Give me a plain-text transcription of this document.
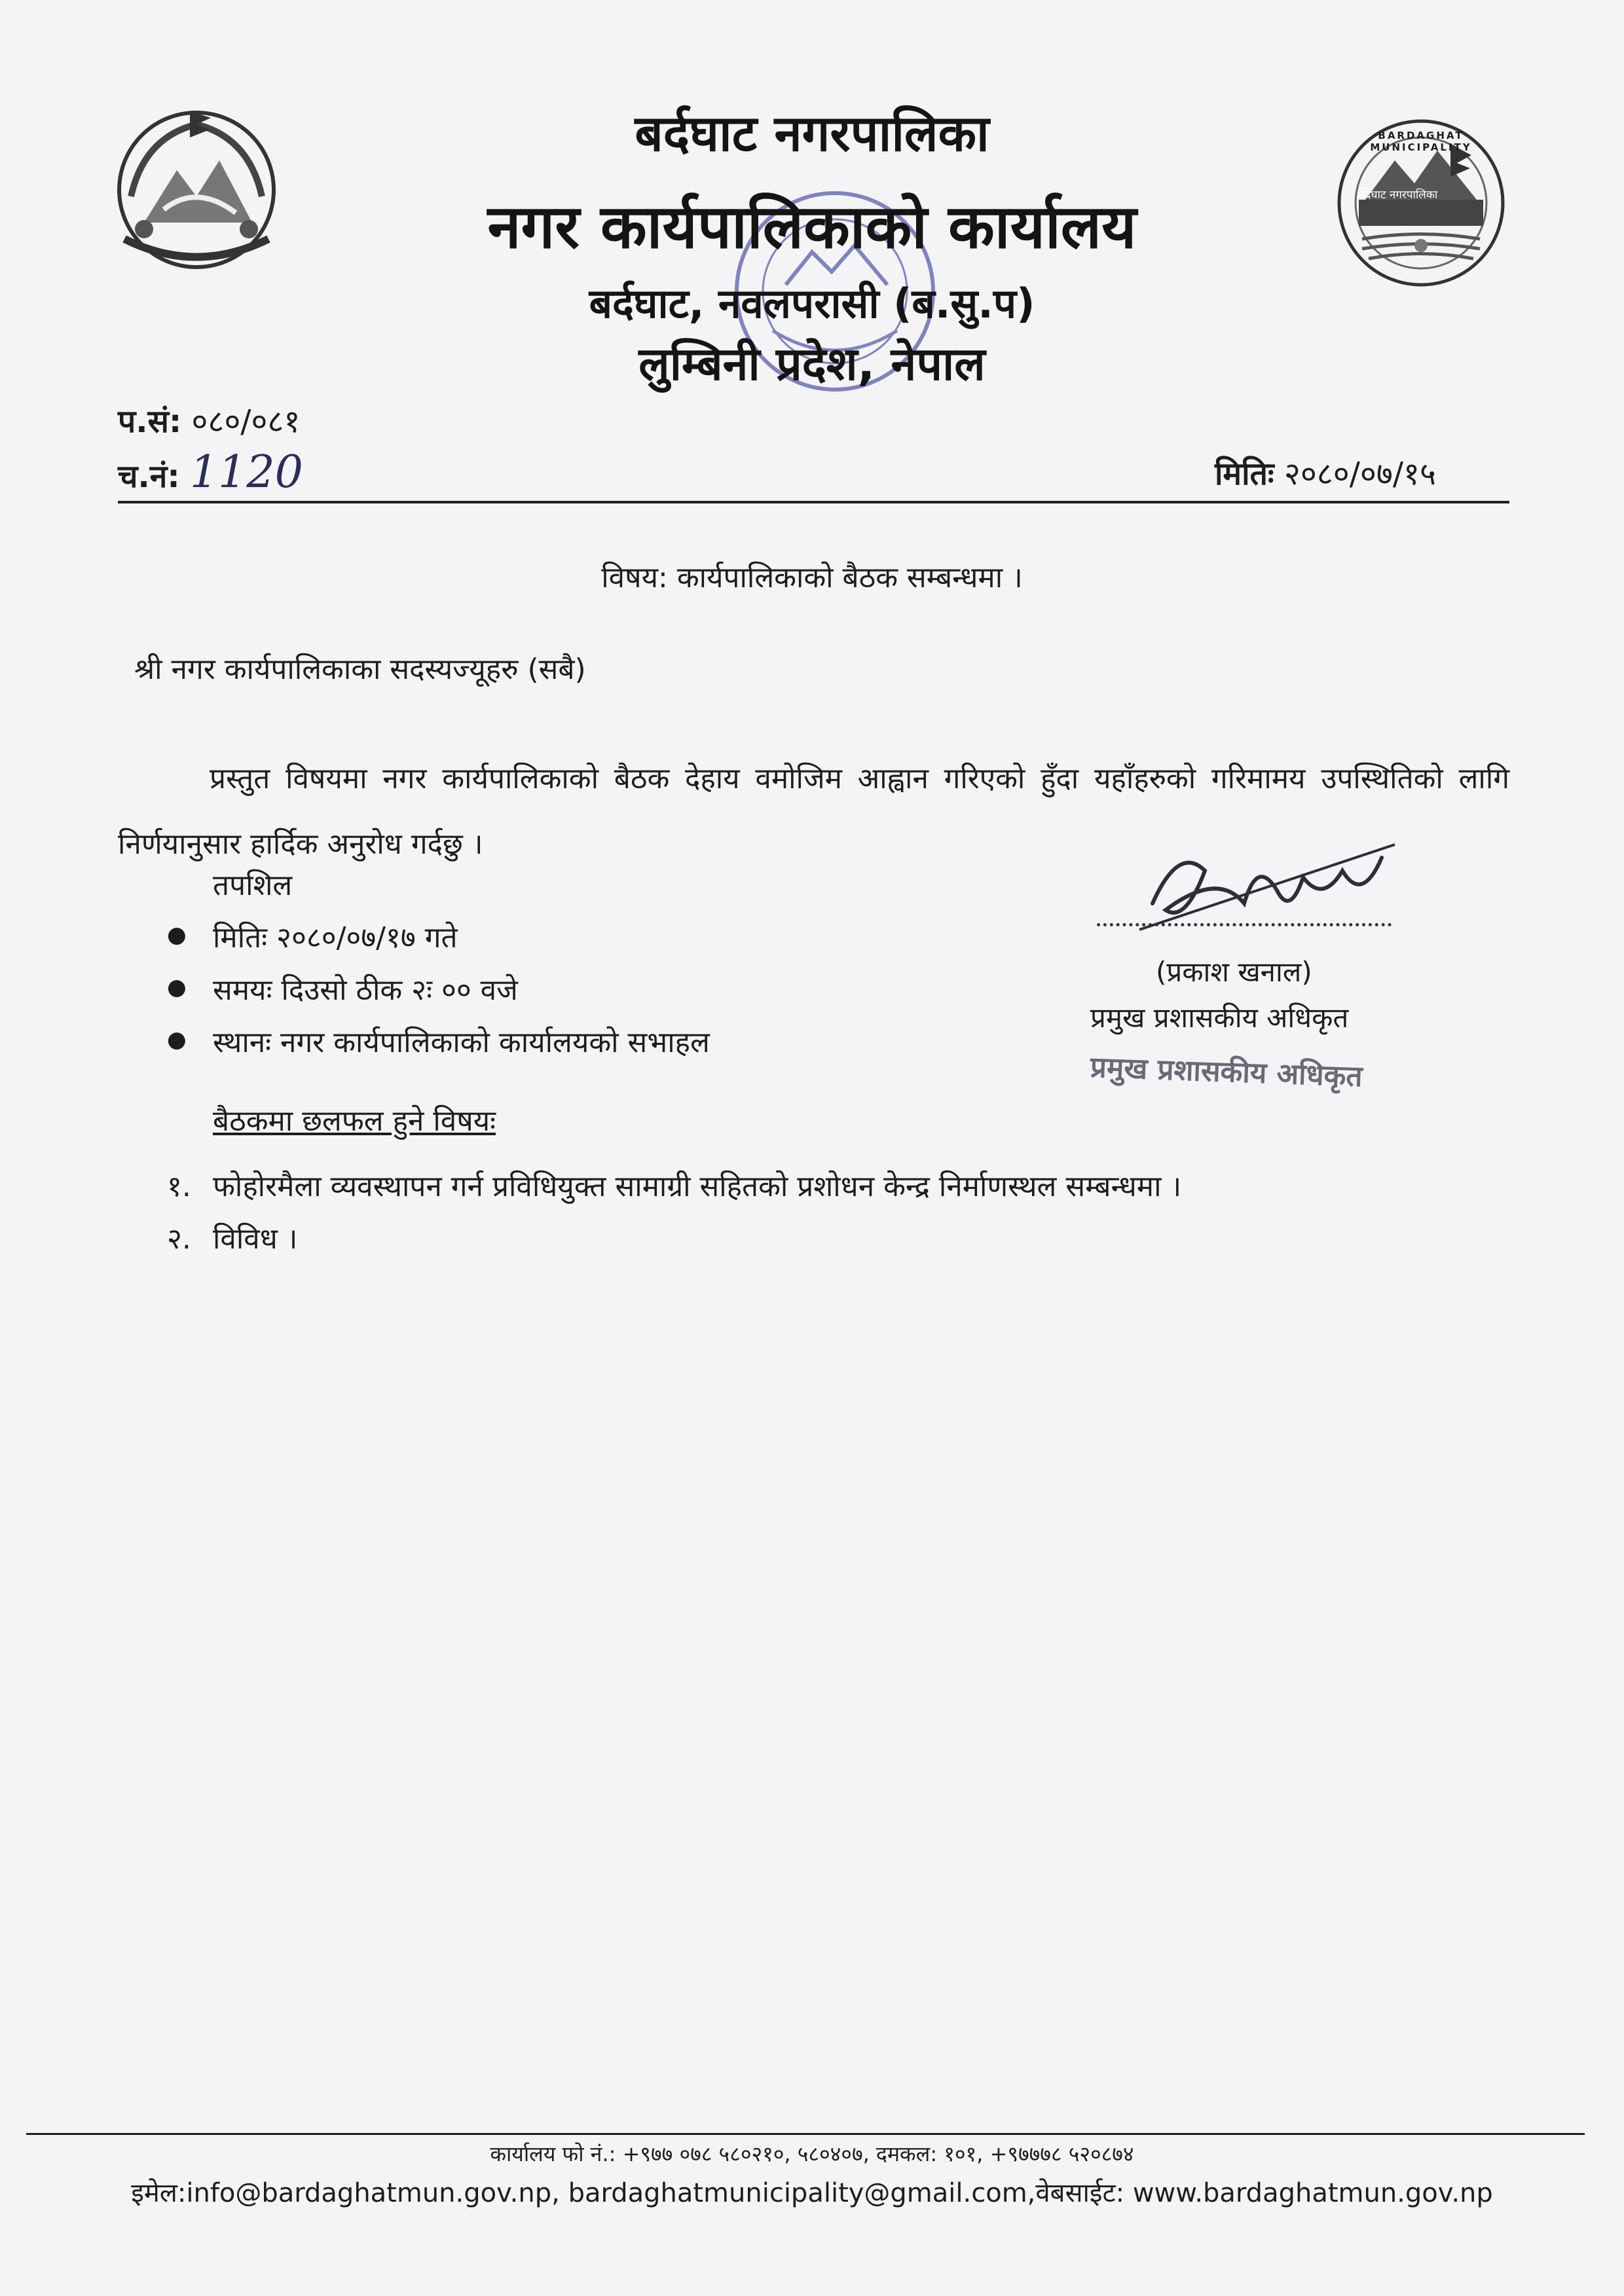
BARDAGHAT MUNICIPALITY
बर्दघाट नगरपालिका
बर्दघाट नगरपालिका
नगर कार्यपालिकाको कार्यालय
बर्दघाट, नवलपरासी (ब.सु.प)
लुम्बिनी प्रदेश, नेपाल
प.सं: ०८०/०८१
च.नं: 1120	मितिः २०८०/०७/१५
विषय: कार्यपालिकाको बैठक सम्बन्धमा ।
श्री नगर कार्यपालिकाका सदस्यज्यूहरु (सबै)
प्रस्तुत विषयमा नगर कार्यपालिकाको बैठक देहाय वमोजिम आह्वान गरिएको हुँदा यहाँहरुको गरिमामय उपस्थितिको लागि निर्णयानुसार हार्दिक अनुरोध गर्दछु ।
तपशिल
● मितिः २०८०/०७/१७ गते
● समयः दिउसो ठीक २ः ०० वजे
● स्थानः नगर कार्यपालिकाको कार्यालयको सभाहल
बैठकमा छलफल हुने विषयः
१. फोहोरमैला व्यवस्थापन गर्न प्रविधियुक्त सामाग्री सहितको प्रशोधन केन्द्र निर्माणस्थल सम्बन्धमा ।
२. विविध ।
(प्रकाश खनाल)
प्रमुख प्रशासकीय अधिकृत
प्रमुख प्रशासकीय अधिकृत
कार्यालय फो नं.: +९७७ ०७८ ५८०२१०, ५८०४०७, दमकल: १०१, +९७७७८ ५२०८७४
इमेल:info@bardaghatmun.gov.np, bardaghatmunicipality@gmail.com,वेबसाईट: www.bardaghatmun.gov.np
